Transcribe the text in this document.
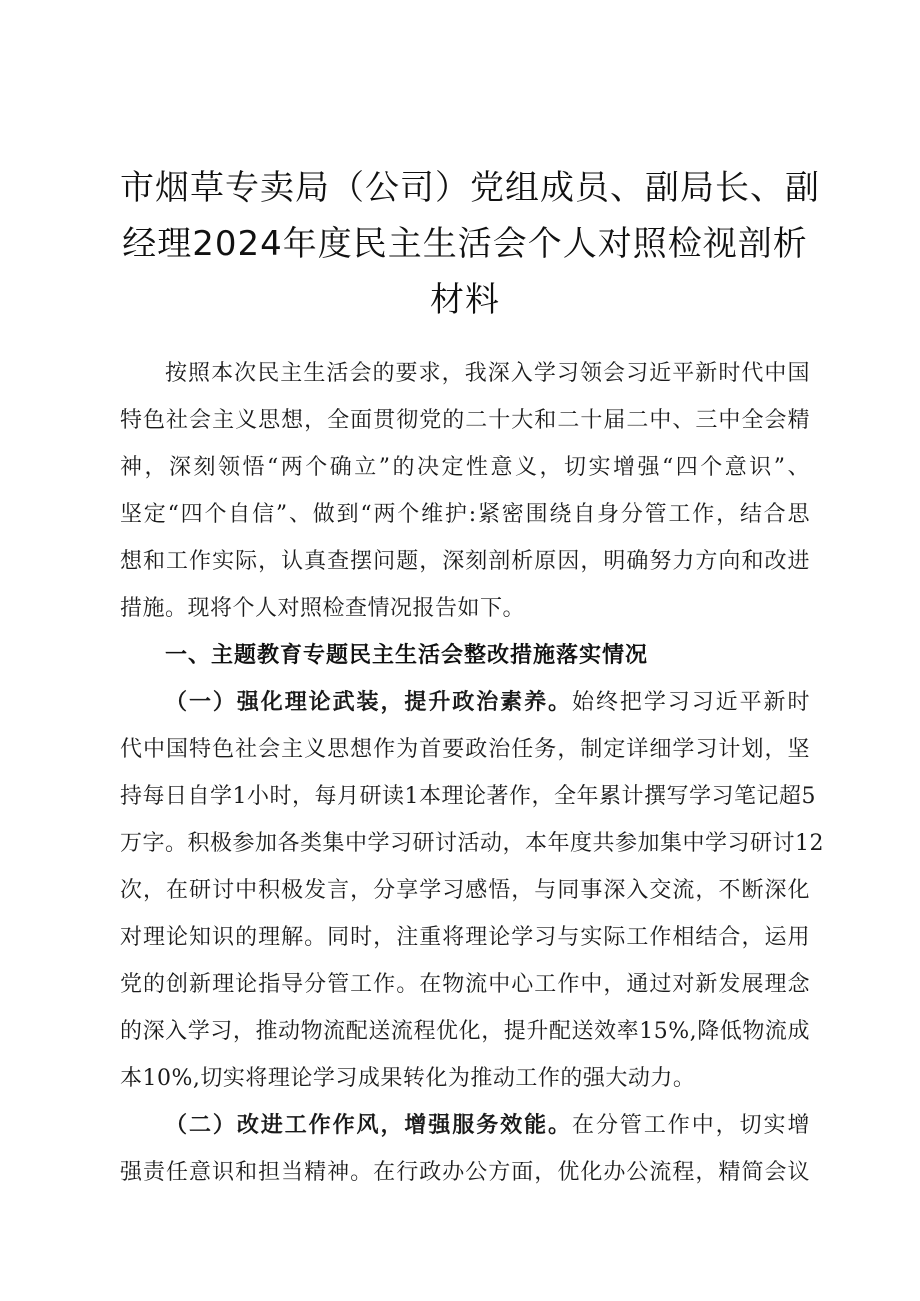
市烟草专卖局（公司）党组成员、副局长、副
经理2024年度民主生活会个人对照检视剖析
材料
按照本次民主生活会的要求，我深入学习领会习近平新时代中国
特色社会主义思想，全面贯彻党的二十大和二十届二中、三中全会精
神，深刻领悟“两个确立”的决定性意义，切实增强“四个意识”、
坚定“四个自信”、做到“两个维护:紧密围绕自身分管工作，结合思
想和工作实际，认真查摆问题，深刻剖析原因，明确努力方向和改进
措施。现将个人对照检查情况报告如下。
一、主题教育专题民主生活会整改措施落实情况
（一）强化理论武装，提升政治素养。始终把学习习近平新时
代中国特色社会主义思想作为首要政治任务，制定详细学习计划，坚
持每日自学1小时，每月研读1本理论著作，全年累计撰写学习笔记超5
万字。积极参加各类集中学习研讨活动，本年度共参加集中学习研讨12
次，在研讨中积极发言，分享学习感悟，与同事深入交流，不断深化
对理论知识的理解。同时，注重将理论学习与实际工作相结合，运用
党的创新理论指导分管工作。在物流中心工作中，通过对新发展理念
的深入学习，推动物流配送流程优化，提升配送效率15%,降低物流成
本10%,切实将理论学习成果转化为推动工作的强大动力。
（二）改进工作作风，增强服务效能。在分管工作中，切实增
强责任意识和担当精神。在行政办公方面，优化办公流程，精简会议
